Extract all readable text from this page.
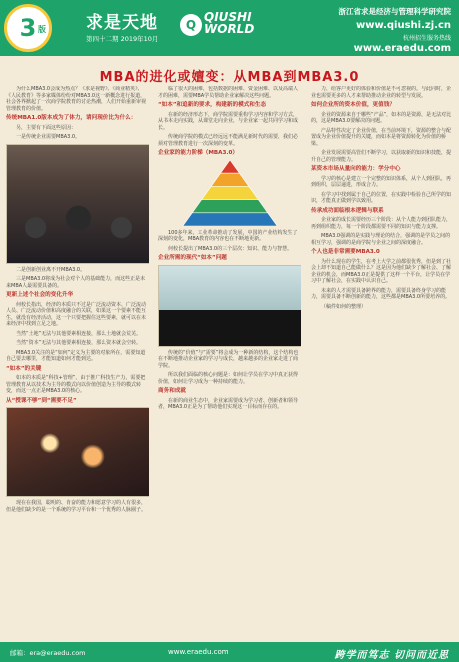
3 版 求是天地
第四十二期 2019年10月
Q
QIUSHI
WORLD
浙江省求是经济与管理科学研究院
www.qiushi.zj.cn
杭州招生服务热线
www.eraedu.com
MBA的进化或嬗变：从MBA到MBA3.0

为什么MBA3.0会成为热点？《求是视野》、《商业精英》、《人民教育》等多家媒体纷纷对MBA3.0这一新概念进行报道，社会各界掀起了一次商学院教育的讨论热潮，人们开始重新审视管理教育的价值。

传统MBA1.0版本成为了体力，请问现价比为什么：

另，主要有下面这些原因：

一是传统企业需要MBA3.0。

二是创新创业离不开MBA3.0。

三是MBA3.0将成为社会对个人的基础能力，而这些正是未来MBA人最需要具备的。

更新上述个社会的变化升华

何校长指出，经济的本质只不过是广泛流动资本、广泛流动人员、广泛流动价值和高度融合的关联，如果这一个要素不能互生，就没有经济活动，这一个只要把握住这些要素，就可以在未来经济中找到立足之地。

当然“土地”无法与其他要素相连接，那么土地就会荒芜。

当然“资本”无法与其他要素相连接，那么资本就会空转。

MBA3.0关注的是“如何”定义为主要的对象所在，需要知道自己要去哪里，才能知道如何才能到达。

“如本”的关键

如本的本质是“科技+管理”，由于推广科技生产力，需要把管理教育从以技术为主导的模式向以价值创造为主导的模式转变，而这一点正是MBA3.0的核心。

从“授课不够”到“需要不足”

现在在我国，聪明的、肯奋的能力和愿意学习的人有很多，但是他们缺少的是一个系统的学习平台和一个优秀的人脉圈子。

临了很大的困难，包括数据的困难、资金困难、以及高端人才的困难，需要MBA学员帮助企业家解决这些问题。

“如本”和追新的要求，构建新的模式和生态

在新的经济形态下，商学院需要重构学习内容和学习方式，从书本走向实践，从课堂走向企业，与企业家一起共同学习和成长。

传统商学院的模式已经远远不能满足新时代的需要，我们必须对管理教育进行一次深刻的变革。

企业家的能力阶梯（MBA3.0）

100多年来，工业革命推动了发展，中国的产业结构发生了深刻的变化，MBA教育的内容也在不断地更新。

何校长提出了MBA3.0的三个层次：知识、能力与智慧。

企业所需的现代“如本”问题

传统的“价值”与“需要”将会成为一种新的结构，这个结构也在不断地推动企业家的学习与成长，越来越多的企业家走进了商学院。

所以我们面临的核心问题是：如何让学员在学习中真正获得价值，如何让学习成为一种持续的能力。

商务和成就

在新的商业生态中，企业家需要成为学习者、创新者和领导者，MBA3.0正是为了帮助他们实现这一目标而存在的。

力，给客户更好的体验和价值是不可忽视的。与此同时，企业也需要更多的人才来帮助推动企业的转型与发展。

如何企业所的资本价值，更值钱？

企业的资源来自于哪些“产品”，如本的是资源，是无法对比的，这是MBA3.0要解决的问题。

产品特性决定了企业价值，在当前环境下，资源的整合与配置成为企业价值提升的关键，而如本是将资源转化为价值的桥梁。

企业发展需要高管们不断学习，以获取新的知识和技能，提升自己的管理能力。

某资本市场从量向的能力：学分中心

学习的核心是建立一个完整的知识体系，从个人到团队，再到组织，层层递进，形成合力。

在学习中找到属于自己的位置，在实践中检验自己所学的知识，才能真正做到学以致用。

传承成功面临根本逻辑与联系

企业家的成长需要经历三个阶段：从个人能力到团队能力，再到组织能力，每一个阶段都需要不同的知识与能力支撑。

MBA3.0强调的是实践与理论的结合，强调的是学员之间的相互学习，强调的是商学院与企业之间的深度融合。

个人也是非常需要MBA3.0

为什么现在的学生，在考上大学之前都很优秀，但是到了社会上却不知道自己能做什么？这是因为他们缺少了解社会、了解企业的机会，而MBA3.0正是提供了这样一个平台，让学员在学习中了解社会，在实践中认识自己。

未来的人才需要具备跨界的能力，需要具备终身学习的能力，需要具备不断创新的能力，这些都是MBA3.0所要培养的。

（稿件如何的整理）

邮箱：era@eraedu.com	www.eraedu.com	跨学而笃志 切问而近思
